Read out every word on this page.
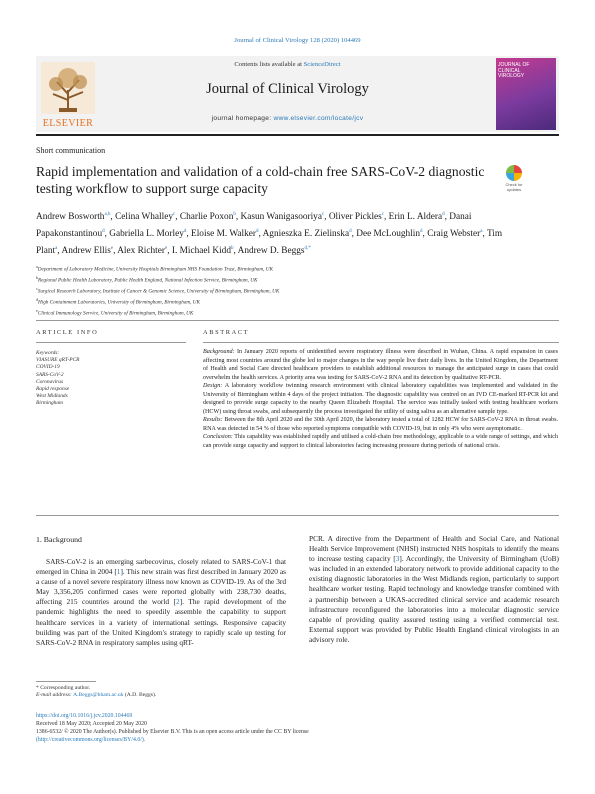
Journal of Clinical Virology 128 (2020) 104469
ELSEVIER
Contents lists available at ScienceDirect
Journal of Clinical Virology
journal homepage: www.elsevier.com/locate/jcv
JOURNAL OF
CLINICAL
VIROLOGY
Short communication
Rapid implementation and validation of a cold-chain free SARS-CoV-2 diagnostic testing workflow to support surge capacity	Check for updates
Andrew Bosworth$^{a,b}$, Celina Whalley$^c$, Charlie Poxon$^b$, Kasun Wanigasooriya$^c$, Oliver Pickles$^c$, Erin L. Aldera$^d$, Danai Papakonstantinou$^d$, Gabriella L. Morley$^d$, Eloise M. Walker$^d$, Agnieszka E. Zielinska$^d$, Dee McLoughlin$^d$, Craig Webster$^a$, Tim Plant$^a$, Andrew Ellis$^e$, Alex Richter$^e$, I. Michael Kidd$^b$, Andrew D. Beggs$^{d,*}$
$^a$Department of Laboratory Medicine, University Hospitals Birmingham NHS Foundation Trust, Birmingham, UK
$^b$Regional Public Health Laboratory, Public Health England, National Infection Service, Birmingham, UK
$^c$Surgical Research Laboratory, Institute of Cancer & Genomic Science, University of Birmingham, Birmingham, UK
$^d$High Containment Laboratories, University of Birmingham, Birmingham, UK
$^e$Clinical Immunology Service, University of Birmingham, Birmingham, UK
ARTICLE INFO	ABSTRACT
Keywords:
VIASURE qRT-PCR
COVID-19
SARS-CoV-2
Coronavirus
Rapid response
West Midlands
Birmingham
Background: In January 2020 reports of unidentified severe respiratory illness were described in Wuhan, China. A rapid expansion in cases affecting most countries around the globe led to major changes in the way people live their daily lives. In the United Kingdom, the Department of Health and Social Care directed healthcare providers to establish additional resources to manage the anticipated surge in cases that could overwhelm the health services. A priority area was testing for SARS-CoV-2 RNA and its detection by qualitative RT-PCR.
Design: A laboratory workflow twinning research environment with clinical laboratory capabilities was implemented and validated in the University of Birmingham within 4 days of the project initiation. The diagnostic capability was centred on an IVD CE-marked RT-PCR kit and designed to provide surge capacity to the nearby Queen Elizabeth Hospital. The service was initially tasked with testing healthcare workers (HCW) using throat swabs, and subsequently the process investigated the utility of using saliva as an alternative sample type.
Results: Between the 8th April 2020 and the 30th April 2020, the laboratory tested a total of 1282 HCW for SARS-CoV-2 RNA in throat swabs. RNA was detected in 54 % of those who reported symptoms compatible with COVID-19, but in only 4% who were asymptomatic.
Conclusion: This capability was established rapidly and utilised a cold-chain free methodology, applicable to a wide range of settings, and which can provide surge capacity and support to clinical laboratories facing increasing pressure during periods of national crisis.
1. Background
SARS-CoV-2 is an emerging sarbecovirus, closely related to SARS-CoV-1 that emerged in China in 2004 [1]. This new strain was first described in January 2020 as a cause of a novel severe respiratory illness now known as COVID-19. As of the 3rd May 3,356,205 confirmed cases were reported globally with 238,730 deaths, affecting 215 countries around the world [2]. The rapid development of the pandemic highlights the need to speedily assemble the capability to support healthcare services in a variety of international settings. Responsive capacity building was part of the United Kingdom's strategy to rapidly scale up testing for SARS-CoV-2 RNA in respiratory samples using qRT-
PCR. A directive from the Department of Health and Social Care, and National Health Service Improvement (NHSI) instructed NHS hospitals to identify the means to increase testing capacity [3]. Accordingly, the University of Birmingham (UoB) was included in an extended laboratory network to provide additional capacity to the existing diagnostic laboratories in the West Midlands region, particularly to support healthcare worker testing. Rapid technology and knowledge transfer combined with a partnership between a UKAS-accredited clinical service and academic research infrastructure reconfigured the laboratories into a molecular diagnostic service capable of providing quality assured testing using a verified commercial test. External support was provided by Public Health England clinical virologists in an advisory role.
* Corresponding author.
E-mail address: A.Beggs@bham.ac.uk (A.D. Beggs).
https://doi.org/10.1016/j.jcv.2020.104469
Received 18 May 2020; Accepted 20 May 2020
1386-6532/ © 2020 The Author(s). Published by Elsevier B.V. This is an open access article under the CC BY license
(http://creativecommons.org/licenses/BY/4.0/).
